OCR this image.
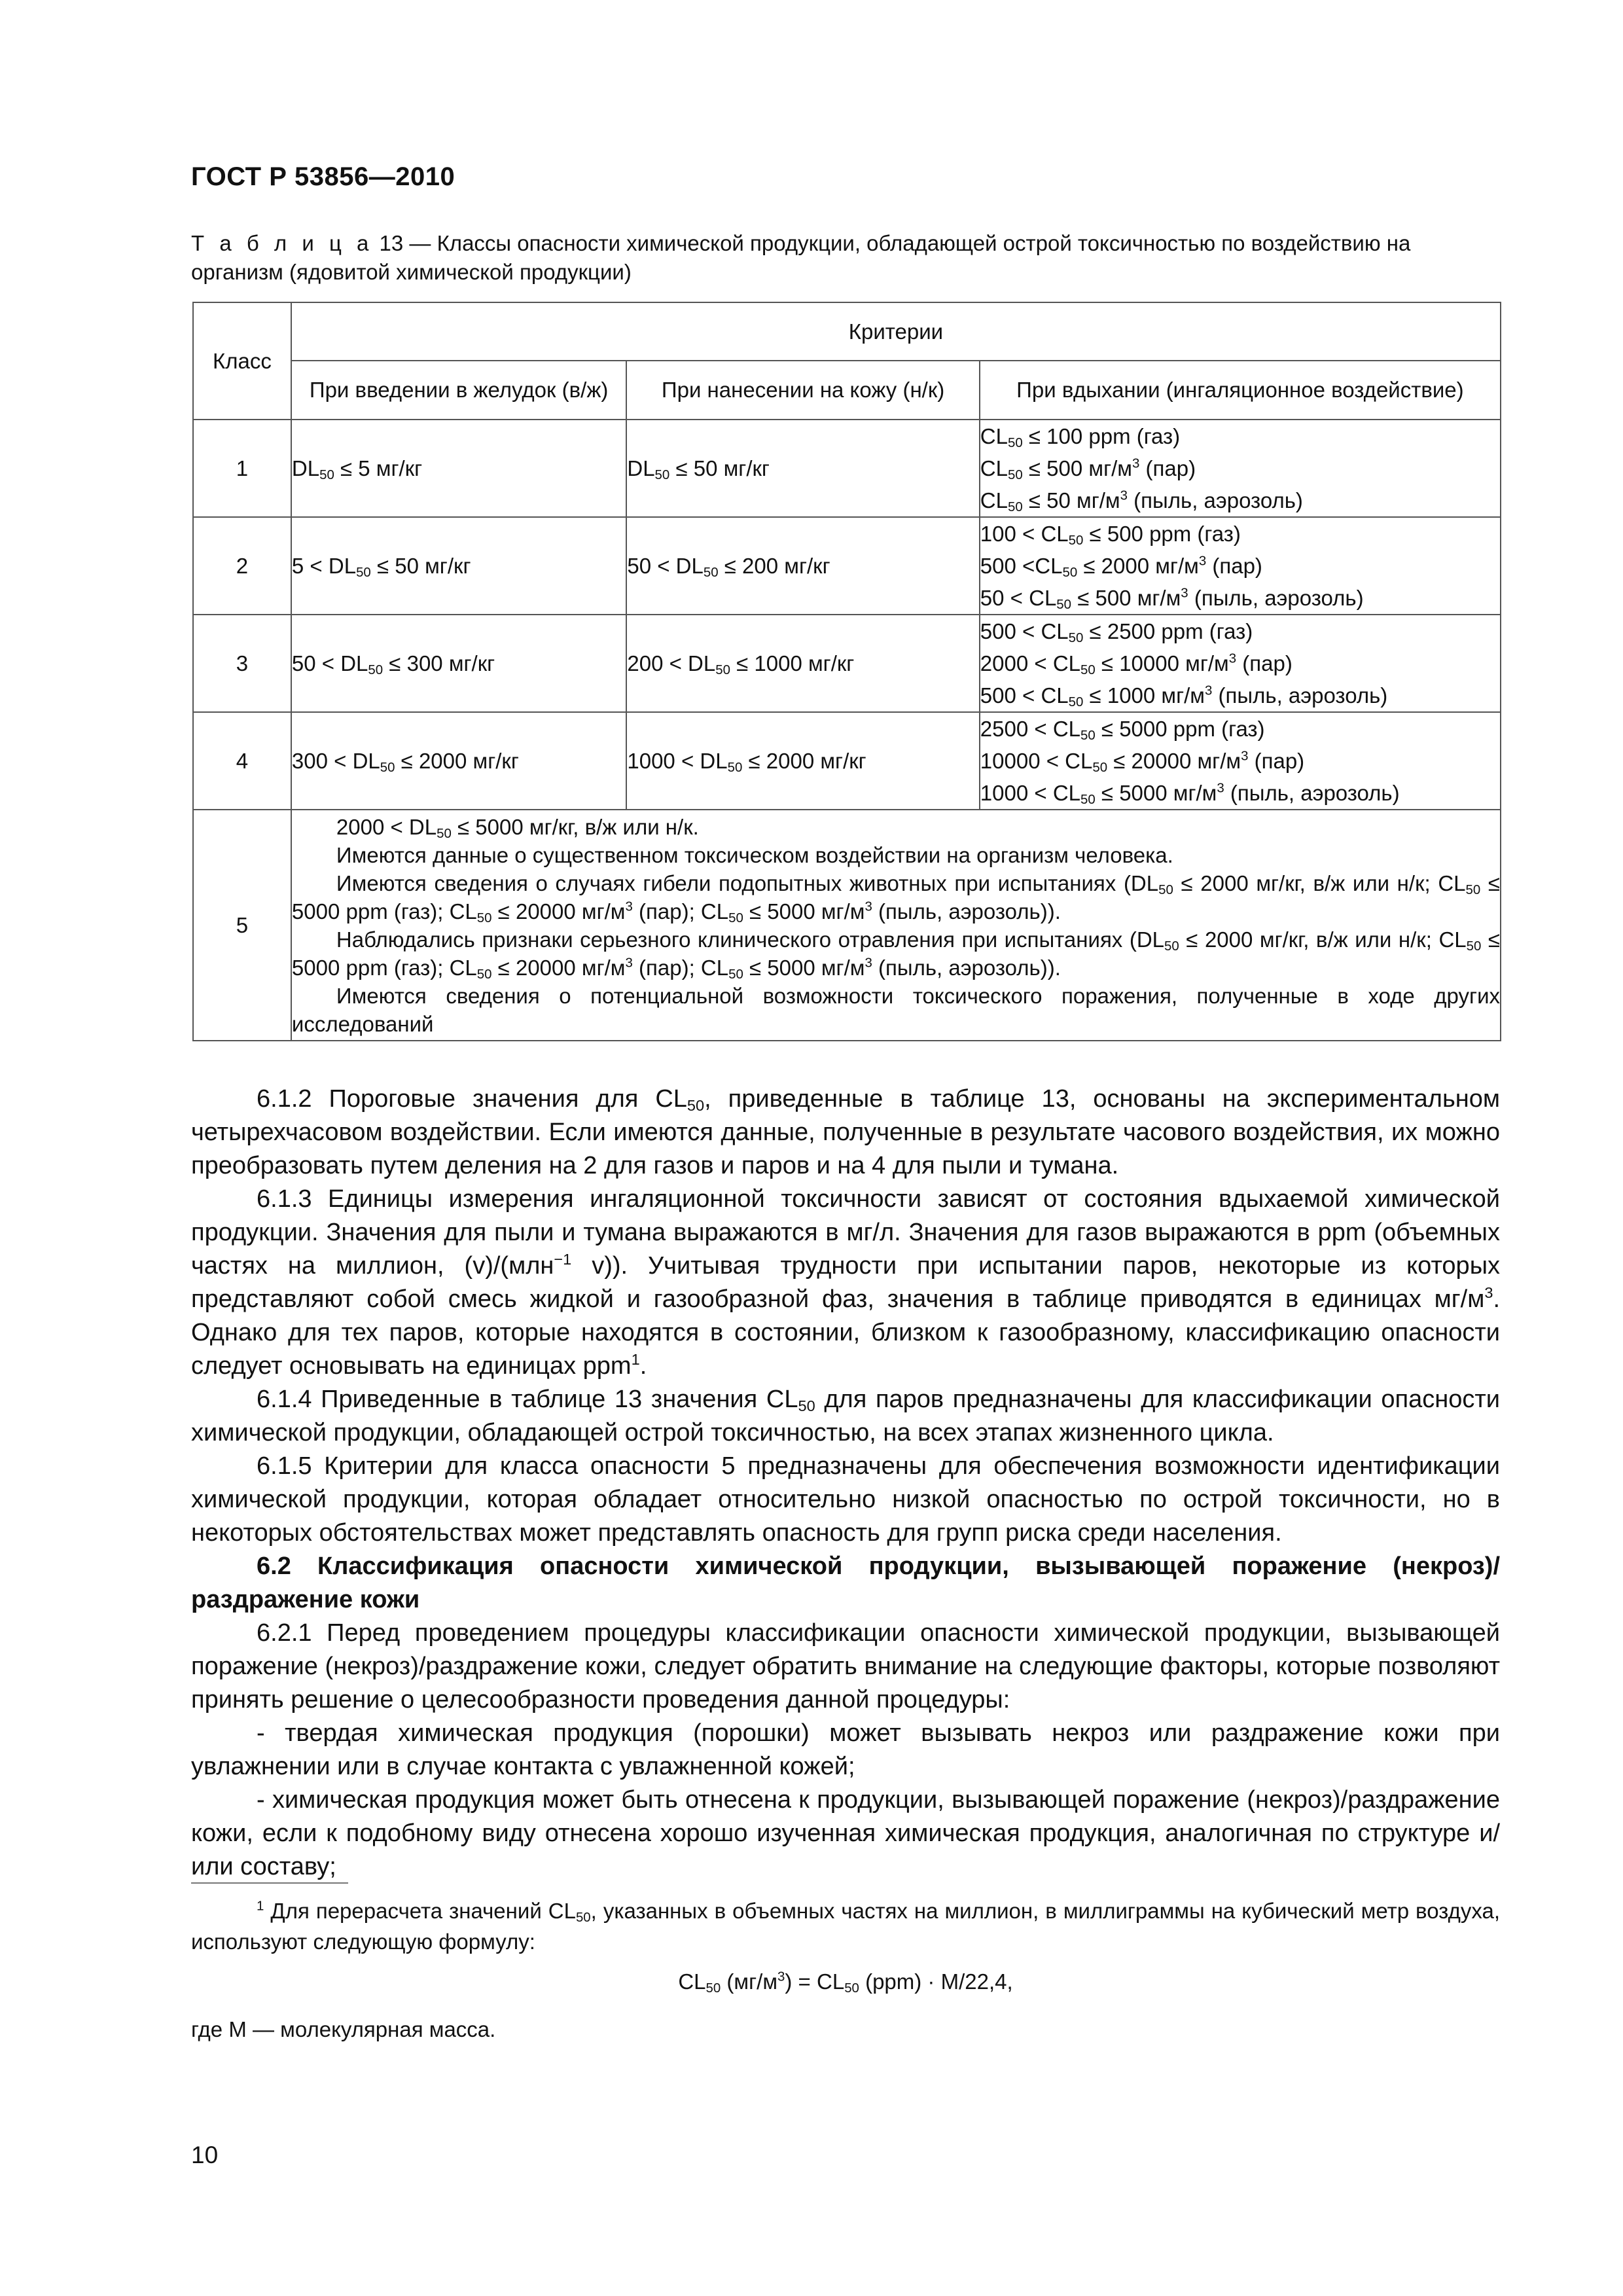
ГОСТ Р 53856—2010
Т а б л и ц а 13 — Классы опасности химической продукции, обладающей острой токсичностью по воздействию на организм (ядовитой химической продукции)
Класс	Критерии		
	При введении в желудок (в/ж)	При нанесении на кожу (н/к)	При вдыхании (ингаляционное воздействие)
1	$DL_{50} \le 5$ мг/кг	$DL_{50} \le 50$ мг/кг	$CL_{50} \le 100$ ppm (газ)
$CL_{50} \le 500$ $мг/м^3$ (пар)
$CL_{50} \le 50$ $мг/м^3$ (пыль, аэрозоль)

2	$5 < DL_{50} \le 50$ мг/кг	$50 < DL_{50} \le 200$ мг/кг	$100 < CL_{50} \le 500$ ppm (газ)
$500 <CL_{50} \le 2000$ $мг/м^3$ (пар)
$50 < CL_{50} \le 500$ $мг/м^3$ (пыль, аэрозоль)

3	$50 < DL_{50} \le 300$ мг/кг	$200 < DL_{50} \le 1000$ мг/кг	$500 < CL_{50} \le 2500$ ppm (газ)
$2000 < CL_{50} \le 10000$ $мг/м^3$ (пар)
$500 < CL_{50} \le 1000$ $мг/м^3$ (пыль, аэрозоль)

4	$300 < DL_{50} \le 2000$ мг/кг	$1000 < DL_{50} \le 2000$ мг/кг	$2500 < CL_{50} \le 5000$ ppm (газ)
$10000 < CL_{50} \le 20000$ $мг/м^3$ (пар)
$1000 < CL_{50} \le 5000$ $мг/м^3$ (пыль, аэрозоль)

5	$2000 < DL_{50} \le 5000$ мг/кг, в/ж или н/к.
Имеются данные о существенном токсическом воздействии на организм человека.
Имеются сведения о случаях гибели подопытных животных при испытаниях ($DL_{50} \le 2000$ мг/кг, в/ж или н/к; $CL_{50} \le 5000$ ppm (газ); $CL_{50} \le 20000$ $мг/м^3$ (пар); $CL_{50} \le 5000$ $мг/м^3$ (пыль, аэрозоль)).
Наблюдались признаки серьезного клинического отравления при испытаниях ($DL_{50} \le 2000$ мг/кг, в/ж или н/к; $CL_{50} \le 5000$ ppm (газ); $CL_{50} \le 20000$ $мг/м^3$ (пар); $CL_{50} \le 5000$ $мг/м^3$ (пыль, аэрозоль)).
Имеются сведения о потенциальной возможности токсического поражения, полученные в ходе других исследований		

6.1.2 Пороговые значения для $CL_{50}$, приведенные в таблице 13, основаны на экспериментальном четырехчасовом воздействии. Если имеются данные, полученные в результате часового воздействия, их можно преобразовать путем деления на 2 для газов и паров и на 4 для пыли и тумана.

6.1.3 Единицы измерения ингаляционной токсичности зависят от состояния вдыхаемой химической продукции. Значения для пыли и тумана выражаются в мг/л. Значения для газов выражаются в ppm (объемных частях на миллион, (v)/(млн$^{-1}$ v)). Учитывая трудности при испытании паров, некоторые из которых представляют собой смесь жидкой и газообразной фаз, значения в таблице приводятся в единицах $мг/м^3$. Однако для тех паров, которые находятся в состоянии, близком к газообразному, классификацию опасности следует основывать на единицах ppm$^1$.

6.1.4 Приведенные в таблице 13 значения $CL_{50}$ для паров предназначены для классификации опасности химической продукции, обладающей острой токсичностью, на всех этапах жизненного цикла.

6.1.5 Критерии для класса опасности 5 предназначены для обеспечения возможности идентификации химической продукции, которая обладает относительно низкой опасностью по острой токсичности, но в некоторых обстоятельствах может представлять опасность для групп риска среди населения.

6.2 Классификация опасности химической продукции, вызывающей поражение (некроз)/раздражение кожи

6.2.1 Перед проведением процедуры классификации опасности химической продукции, вызывающей поражение (некроз)/раздражение кожи, следует обратить внимание на следующие факторы, которые позволяют принять решение о целесообразности проведения данной процедуры:

- твердая химическая продукция (порошки) может вызывать некроз или раздражение кожи при увлажнении или в случае контакта с увлажненной кожей;

- химическая продукция может быть отнесена к продукции, вызывающей поражение (некроз)/раздражение кожи, если к подобному виду отнесена хорошо изученная химическая продукция, аналогичная по структуре и/или составу;

$^1$ Для перерасчета значений $CL_{50}$, указанных в объемных частях на миллион, в миллиграммы на кубический метр воздуха, используют следующую формулу:

$CL_{50}$ $(мг/м^3) = CL_{50}$ (ppm) · M/22,4,

где M — молекулярная масса.

10
